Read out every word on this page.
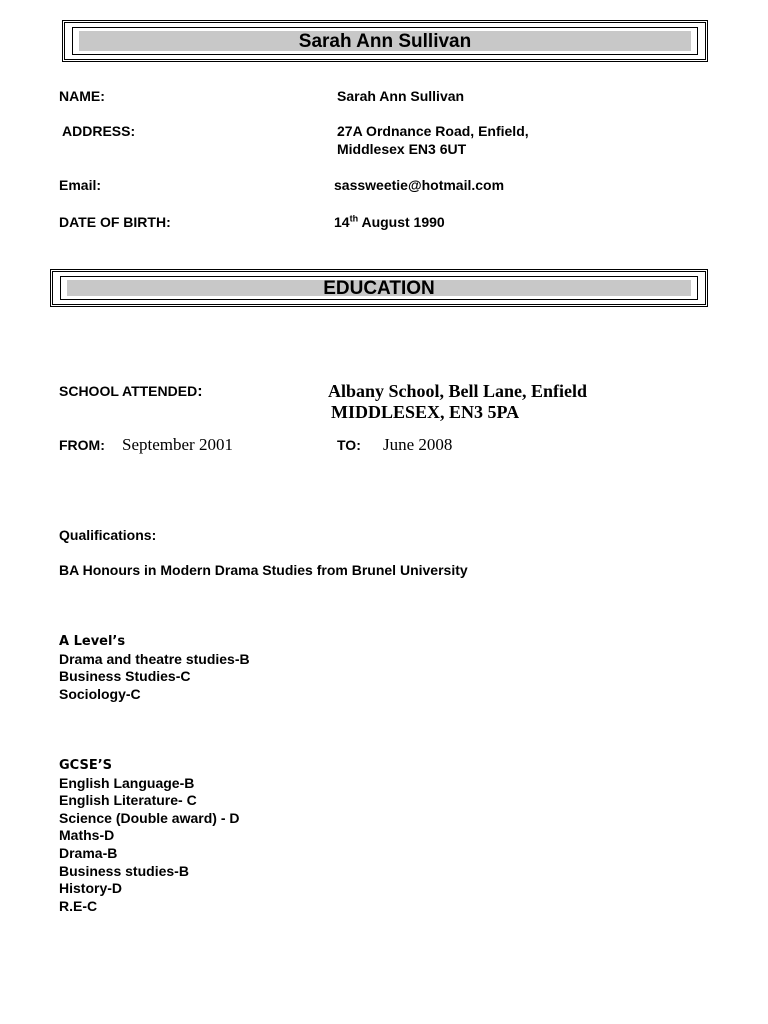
Sarah Ann Sullivan
NAME:	Sarah Ann Sullivan
ADDRESS:	27A Ordnance Road, Enfield,
Middlesex EN3 6UT
Email:	sassweetie@hotmail.com
DATE OF BIRTH:	14th August 1990
EDUCATION
SCHOOL ATTENDED:	Albany School, Bell Lane, Enfield
MIDDLESEX, EN3 5PA
FROM: September 2001	TO: June 2008
Qualifications:
BA Honours in Modern Drama Studies from Brunel University
A Level’s
Drama and theatre studies-B
Business Studies-C
Sociology-C
GCSE’S
English Language-B
English Literature- C
Science (Double award) - D
Maths-D
Drama-B
Business studies-B
History-D
R.E-C
